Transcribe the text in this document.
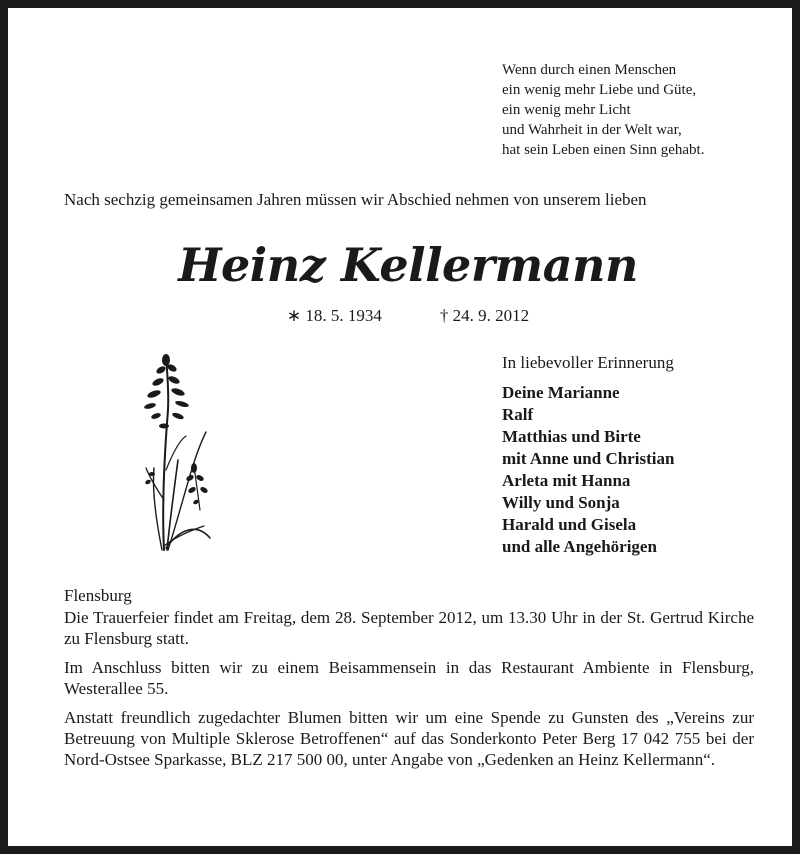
Wenn durch einen Menschen
ein wenig mehr Liebe und Güte,
ein wenig mehr Licht
und Wahrheit in der Welt war,
hat sein Leben einen Sinn gehabt.
Nach sechzig gemeinsamen Jahren müssen wir Abschied nehmen von unserem lieben
Heinz Kellermann
∗ 18. 5. 1934	† 24. 9. 2012
In liebevoller Erinnerung
Deine Marianne
Ralf
Matthias und Birte
mit Anne und Christian
Arleta mit Hanna
Willy und Sonja
Harald und Gisela
und alle Angehörigen

Flensburg

Die Trauerfeier findet am Freitag, dem 28. September 2012, um 13.30 Uhr in der St. Gertrud Kirche zu Flensburg statt.

Im Anschluss bitten wir zu einem Beisammensein in das Restaurant Ambiente in Flensburg, Westerallee 55.

Anstatt freundlich zugedachter Blumen bitten wir um eine Spende zu Gunsten des „Vereins zur Betreuung von Multiple Sklerose Betroffenen“ auf das Sonderkonto Peter Berg 17 042 755 bei der Nord-Ostsee Sparkasse, BLZ 217 500 00, unter Angabe von „Gedenken an Heinz Kellermann“.
